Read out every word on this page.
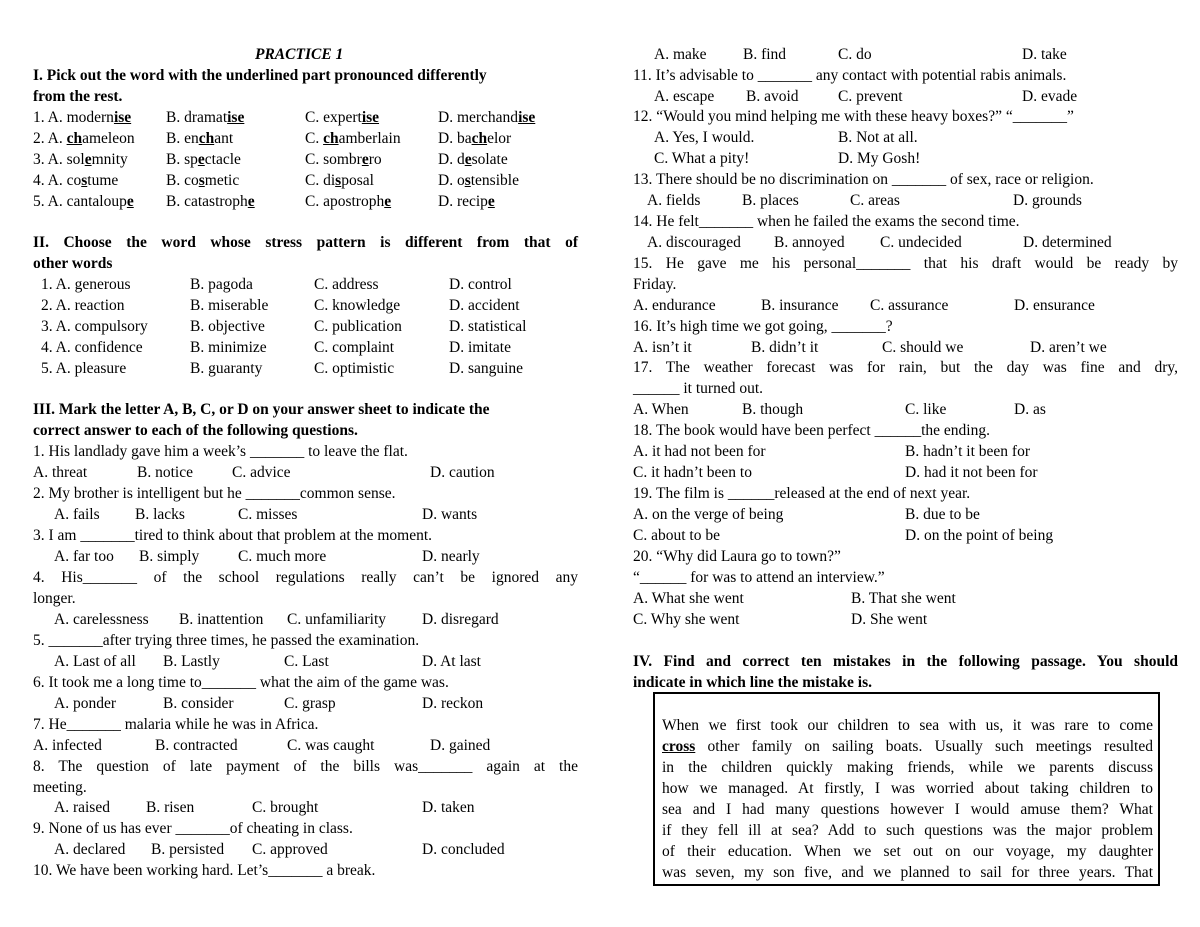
PRACTICE 1
I. Pick out the word with the underlined part pronounced differently
from the rest.
1. A. modernise B. dramatise	C. expertise	D. merchandise
2. A. chameleon B. enchant	C. chamberlain D. bachelor
3. A. solemnity B. spectacle	C. sombrero	D. desolate
4. A. costume	B. cosmetic	C. disposal	D. ostensible
5. A. cantaloupe B. catastrophe	C. apostrophe	D. recipe
II. Choose the word whose stress pattern is different from that of
other words
1. A. generous	B. pagoda	C. address	D. control
2. A. reaction	B. miserable	C. knowledge	D. accident
3. A. compulsory	B. objective	C. publication	D. statistical
4. A. confidence	B. minimize	C. complaint	D. imitate
5. A. pleasure	B. guaranty	C. optimistic	D. sanguine
III. Mark the letter A, B, C, or D on your answer sheet to indicate the
correct answer to each of the following questions.
1. His landlady gave him a week’s _______ to leave the flat.
A. threat	B. notice	C. advice	D. caution
2. My brother is intelligent but he _______common sense.
A. fails B. lacks	C. misses	D. wants
3. I am _______tired to think about that problem at the moment.
A. far too B. simply C. much more	D. nearly
4. His_______ of the school regulations really can’t be ignored any
longer.
A. carelessness B. inattention C. unfamiliarity D. disregard
5. _______after trying three times, he passed the examination.
A. Last of all B. Lastly	C. Last	D. At last
6. It took me a long time to_______ what the aim of the game was.
A. ponder	B. consider	C. grasp	D. reckon
7. He_______ malaria while he was in Africa.
A. infected	B. contracted	C. was caught	D. gained
8. The question of late payment of the bills was_______ again at the
meeting.
A. raised B. risen	C. brought	D. taken
9. None of us has ever _______of cheating in class.
A. declared B. persisted C. approved	D. concluded
10. We have been working hard. Let’s_______ a break.
A. make B. find	C. do	D. take
11. It’s advisable to _______ any contact with potential rabis animals.
A. escape B. avoid	C. prevent	D. evade
12. “Would you mind helping me with these heavy boxes?” “_______”
A. Yes, I would.	B. Not at all.
C. What a pity!	D. My Gosh!
13. There should be no discrimination on _______ of sex, race or religion.
A. fields	B. places	C. areas	D. grounds
14. He felt_______ when he failed the exams the second time.
A. discouraged B. annoyed C. undecided	D. determined
15. He gave me his personal_______ that his draft would be ready by
Friday.
A. endurance	B. insurance C. assurance	D. ensurance
16. It’s high time we got going, _______?
A. isn’t it	B. didn’t it	C. should we	D. aren’t we
17. The weather forecast was for rain, but the day was fine and dry,
______ it turned out.
A. When	B. though	C. like	D. as
18. The book would have been perfect ______the ending.
A. it had not been for	B. hadn’t it been for
C. it hadn’t been to	D. had it not been for
19. The film is ______released at the end of next year.
A. on the verge of being	B. due to be
C. about to be	D. on the point of being
20. “Why did Laura go to town?”
“______ for was to attend an interview.”
A. What she went	B. That she went
C. Why she went	D. She went
IV. Find and correct ten mistakes in the following passage. You should
indicate in which line the mistake is.
When we first took our children to sea with us, it was rare to come
cross other family on sailing boats. Usually such meetings resulted
in the children quickly making friends, while we parents discuss
how we managed. At firstly, I was worried about taking children to
sea and I had many questions however I would amuse them? What
if they fell ill at sea? Add to such questions was the major problem
of their education. When we set out on our voyage, my daughter
was seven, my son five, and we planned to sail for three years. That
